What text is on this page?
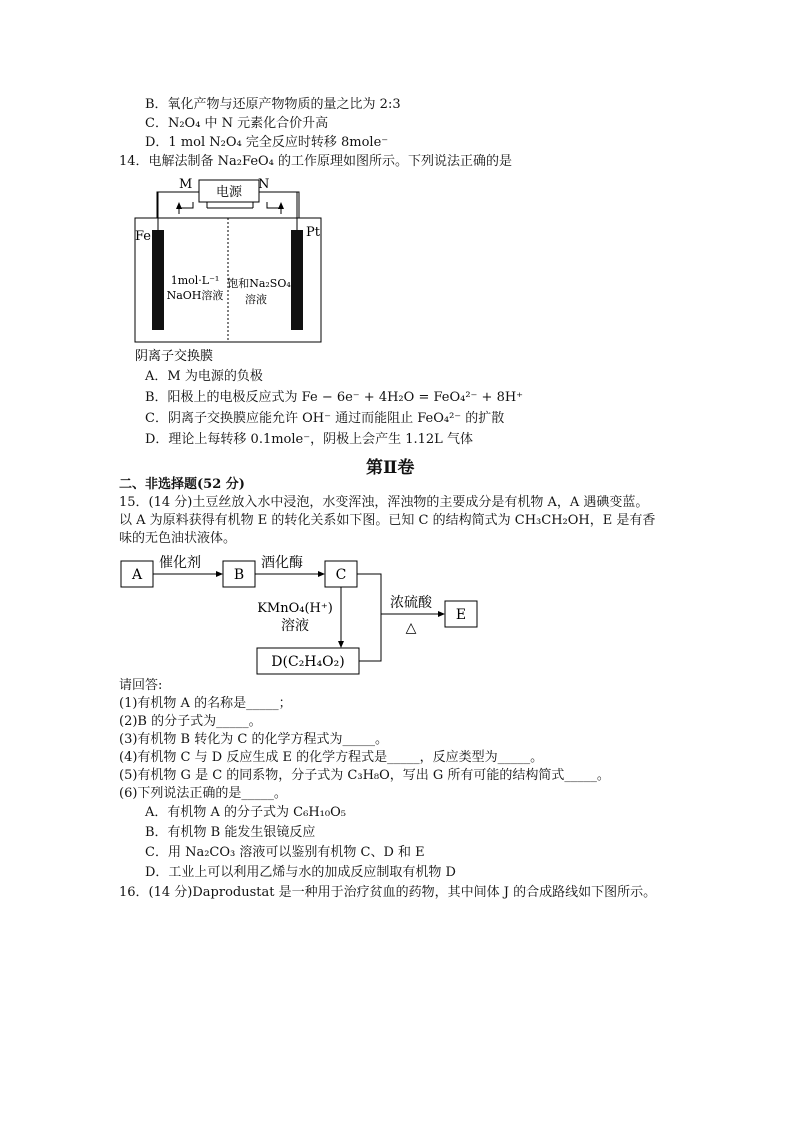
B．氧化产物与还原产物物质的量之比为 2:3
C．N₂O₄ 中 N 元素化合价升高
D．1 mol N₂O₄ 完全反应时转移 8mole⁻
14．电解法制备 Na₂FeO₄ 的工作原理如图所示。下列说法正确的是
电源
M	N
Fe	Pt
1mol·L⁻¹
NaOH溶液
饱和Na₂SO₄
溶液
阴离子交换膜
A．M 为电源的负极
B．阳极上的电极反应式为 Fe − 6e⁻ + 4H₂O = FeO₄²⁻ + 8H⁺
C．阴离子交换膜应能允许 OH⁻ 通过而能阻止 FeO₄²⁻ 的扩散
D．理论上每转移 0.1mole⁻，阴极上会产生 1.12L 气体
第Ⅱ卷
二、非选择题(52 分)
15．(14 分)土豆丝放入水中浸泡，水变浑浊，浑浊物的主要成分是有机物 A，A 遇碘变蓝。
以 A 为原料获得有机物 E 的转化关系如下图。已知 C 的结构简式为 CH₃CH₂OH，E 是有香
味的无色油状液体。
A	B	C
D(C₂H₄O₂)
E
催化剂	酒化酶
KMnO₄(H⁺)
溶液
浓硫酸
△
请回答:
(1)有机物 A 的名称是_____；
(2)B 的分子式为_____。
(3)有机物 B 转化为 C 的化学方程式为_____。
(4)有机物 C 与 D 反应生成 E 的化学方程式是_____，反应类型为_____。
(5)有机物 G 是 C 的同系物，分子式为 C₃H₈O，写出 G 所有可能的结构简式_____。
(6)下列说法正确的是_____。
A．有机物 A 的分子式为 C₆H₁₀O₅
B．有机物 B 能发生银镜反应
C．用 Na₂CO₃ 溶液可以鉴别有机物 C、D 和 E
D．工业上可以利用乙烯与水的加成反应制取有机物 D
16．(14 分)Daprodustat 是一种用于治疗贫血的药物，其中间体 J 的合成路线如下图所示。
